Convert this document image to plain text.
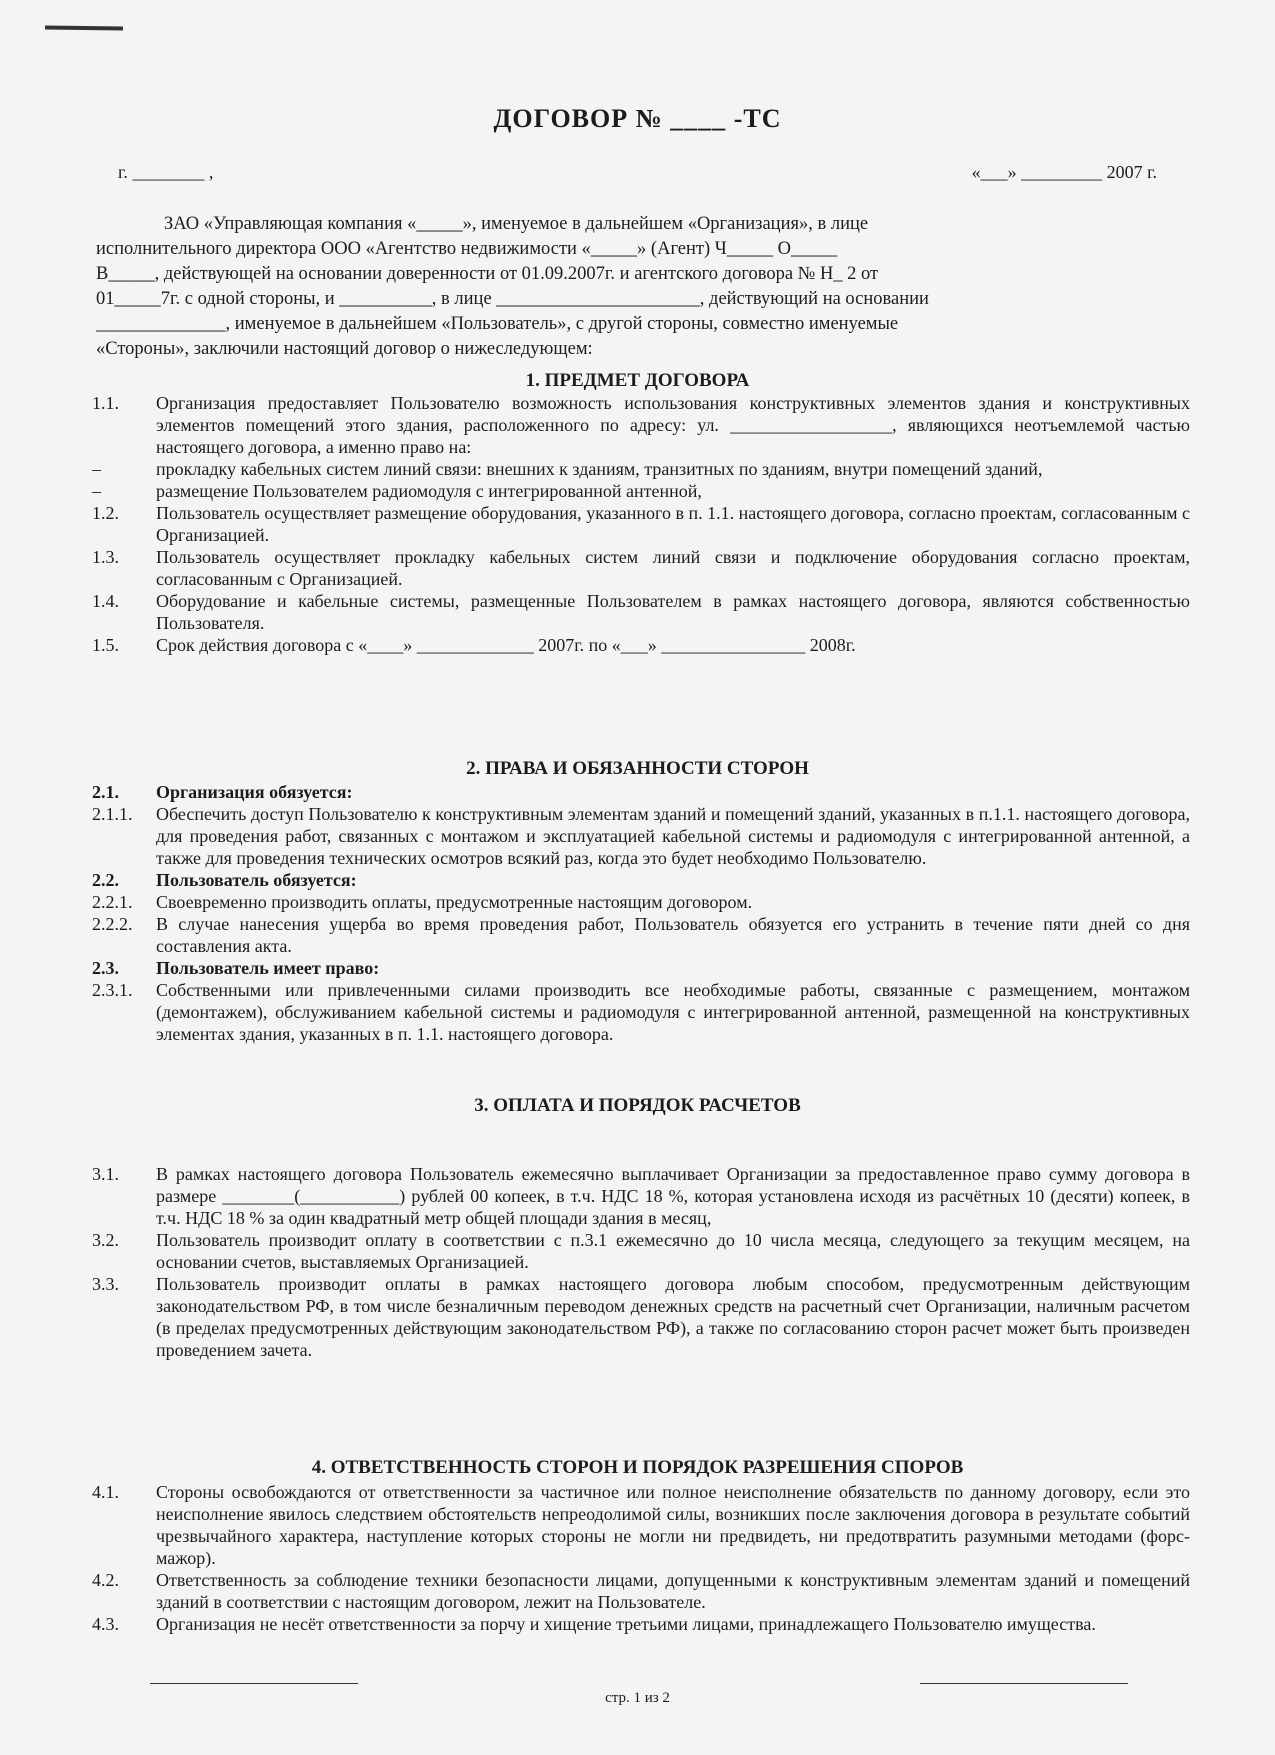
ДОГОВОР № ____ -ТС
г. ________ ,	«___» _________ 2007 г.
ЗАО «Управляющая компания «_____», именуемое в дальнейшем «Организация», в лице
исполнительного директора ООО «Агентство недвижимости «_____» (Агент) Ч_____ О_____
В_____, действующей на основании доверенности от 01.09.2007г. и агентского договора № Н_ 2 от
01_____7г. с одной стороны, и __________, в лице ______________________, действующий на основании
______________, именуемое в дальнейшем «Пользователь», с другой стороны, совместно именуемые
«Стороны», заключили настоящий договор о нижеследующем:
1. ПРЕДМЕТ ДОГОВОРА
1.1.	Организация предоставляет Пользователю возможность использования конструктивных элементов здания и конструктивных элементов помещений этого здания, расположенного по адресу: ул. __________________, являющихся неотъемлемой частью настоящего договора, а именно право на:
–	прокладку кабельных систем линий связи: внешних к зданиям, транзитных по зданиям, внутри помещений зданий,
–	размещение Пользователем радиомодуля с интегрированной антенной,
1.2.	Пользователь осуществляет размещение оборудования, указанного в п. 1.1. настоящего договора, согласно проектам, согласованным с Организацией.
1.3.	Пользователь осуществляет прокладку кабельных систем линий связи и подключение оборудования согласно проектам, согласованным с Организацией.
1.4.	Оборудование и кабельные системы, размещенные Пользователем в рамках настоящего договора, являются собственностью Пользователя.
1.5.	Срок действия договора с «____» _____________ 2007г. по «___» ________________ 2008г.
2. ПРАВА И ОБЯЗАННОСТИ СТОРОН
2.1.	Организация обязуется:
2.1.1.	Обеспечить доступ Пользователю к конструктивным элементам зданий и помещений зданий, указанных в п.1.1. настоящего договора, для проведения работ, связанных с монтажом и эксплуатацией кабельной системы и радиомодуля с интегрированной антенной, а также для проведения технических осмотров всякий раз, когда это будет необходимо Пользователю.
2.2.	Пользователь обязуется:
2.2.1.	Своевременно производить оплаты, предусмотренные настоящим договором.
2.2.2.	В случае нанесения ущерба во время проведения работ, Пользователь обязуется его устранить в течение пяти дней со дня составления акта.
2.3.	Пользователь имеет право:
2.3.1.	Собственными или привлеченными силами производить все необходимые работы, связанные с размещением, монтажом (демонтажем), обслуживанием кабельной системы и радиомодуля с интегрированной антенной, размещенной на конструктивных элементах здания, указанных в п. 1.1. настоящего договора.
3. ОПЛАТА И ПОРЯДОК РАСЧЕТОВ
3.1.	В рамках настоящего договора Пользователь ежемесячно выплачивает Организации за предоставленное право сумму договора в размере ________(___________) рублей 00 копеек, в т.ч. НДС 18 %, которая установлена исходя из расчётных 10 (десяти) копеек, в т.ч. НДС 18 % за один квадратный метр общей площади здания в месяц,
3.2.	Пользователь производит оплату в соответствии с п.3.1 ежемесячно до 10 числа месяца, следующего за текущим месяцем, на основании счетов, выставляемых Организацией.
3.3.	Пользователь производит оплаты в рамках настоящего договора любым способом, предусмотренным действующим законодательством РФ, в том числе безналичным переводом денежных средств на расчетный счет Организации, наличным расчетом (в пределах предусмотренных действующим законодательством РФ), а также по согласованию сторон расчет может быть произведен проведением зачета.
4. ОТВЕТСТВЕННОСТЬ СТОРОН И ПОРЯДОК РАЗРЕШЕНИЯ СПОРОВ
4.1.	Стороны освобождаются от ответственности за частичное или полное неисполнение обязательств по данному договору, если это неисполнение явилось следствием обстоятельств непреодолимой силы, возникших после заключения договора в результате событий чрезвычайного характера, наступление которых стороны не могли ни предвидеть, ни предотвратить разумными методами (форс-мажор).
4.2.	Ответственность за соблюдение техники безопасности лицами, допущенными к конструктивным элементам зданий и помещений зданий в соответствии с настоящим договором, лежит на Пользователе.
4.3.	Организация не несёт ответственности за порчу и хищение третьими лицами, принадлежащего Пользователю имущества.
стр. 1 из 2
